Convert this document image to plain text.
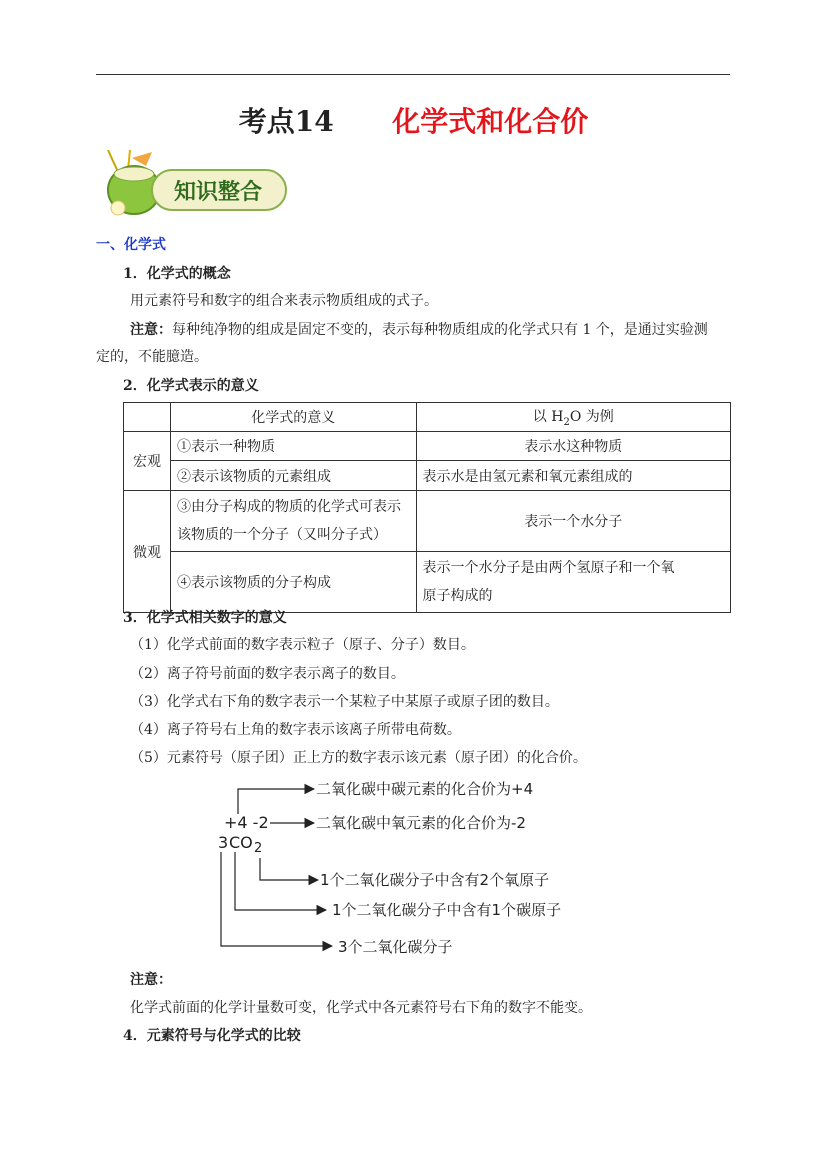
考点14 化学式和化合价
知识整合
一、化学式
1．化学式的概念
用元素符号和数字的组合来表示物质组成的式子。
注意：每种纯净物的组成是固定不变的，表示每种物质组成的化学式只有 1 个，是通过实验测
定的，不能臆造。
2．化学式表示的意义
	化学式的意义	以 $H_2O$ 为例
宏观	①表示一种物质	表示水这种物质
	②表示该物质的元素组成	表示水是由氢元素和氧元素组成的
微观	③由分子构成的物质的化学式可表示
该物质的一个分子（又叫分子式）	表示一个水分子
	④表示该物质的分子构成	表示一个水分子是由两个氢原子和一个氧
原子构成的
3．化学式相关数字的意义
（1）化学式前面的数字表示粒子（原子、分子）数目。
（2）离子符号前面的数字表示离子的数目。
（3）化学式右下角的数字表示一个某粒子中某原子或原子团的数目。
（4）离子符号右上角的数字表示该离子所带电荷数。
（5）元素符号（原子团）正上方的数字表示该元素（原子团）的化合价。
+4 -2
3 CO 2
二氧化碳中碳元素的化合价为+4
二氧化碳中氧元素的化合价为-2
1个二氧化碳分子中含有2个氧原子
1个二氧化碳分子中含有1个碳原子
3个二氧化碳分子
注意：
化学式前面的化学计量数可变，化学式中各元素符号右下角的数字不能变。
4．元素符号与化学式的比较
